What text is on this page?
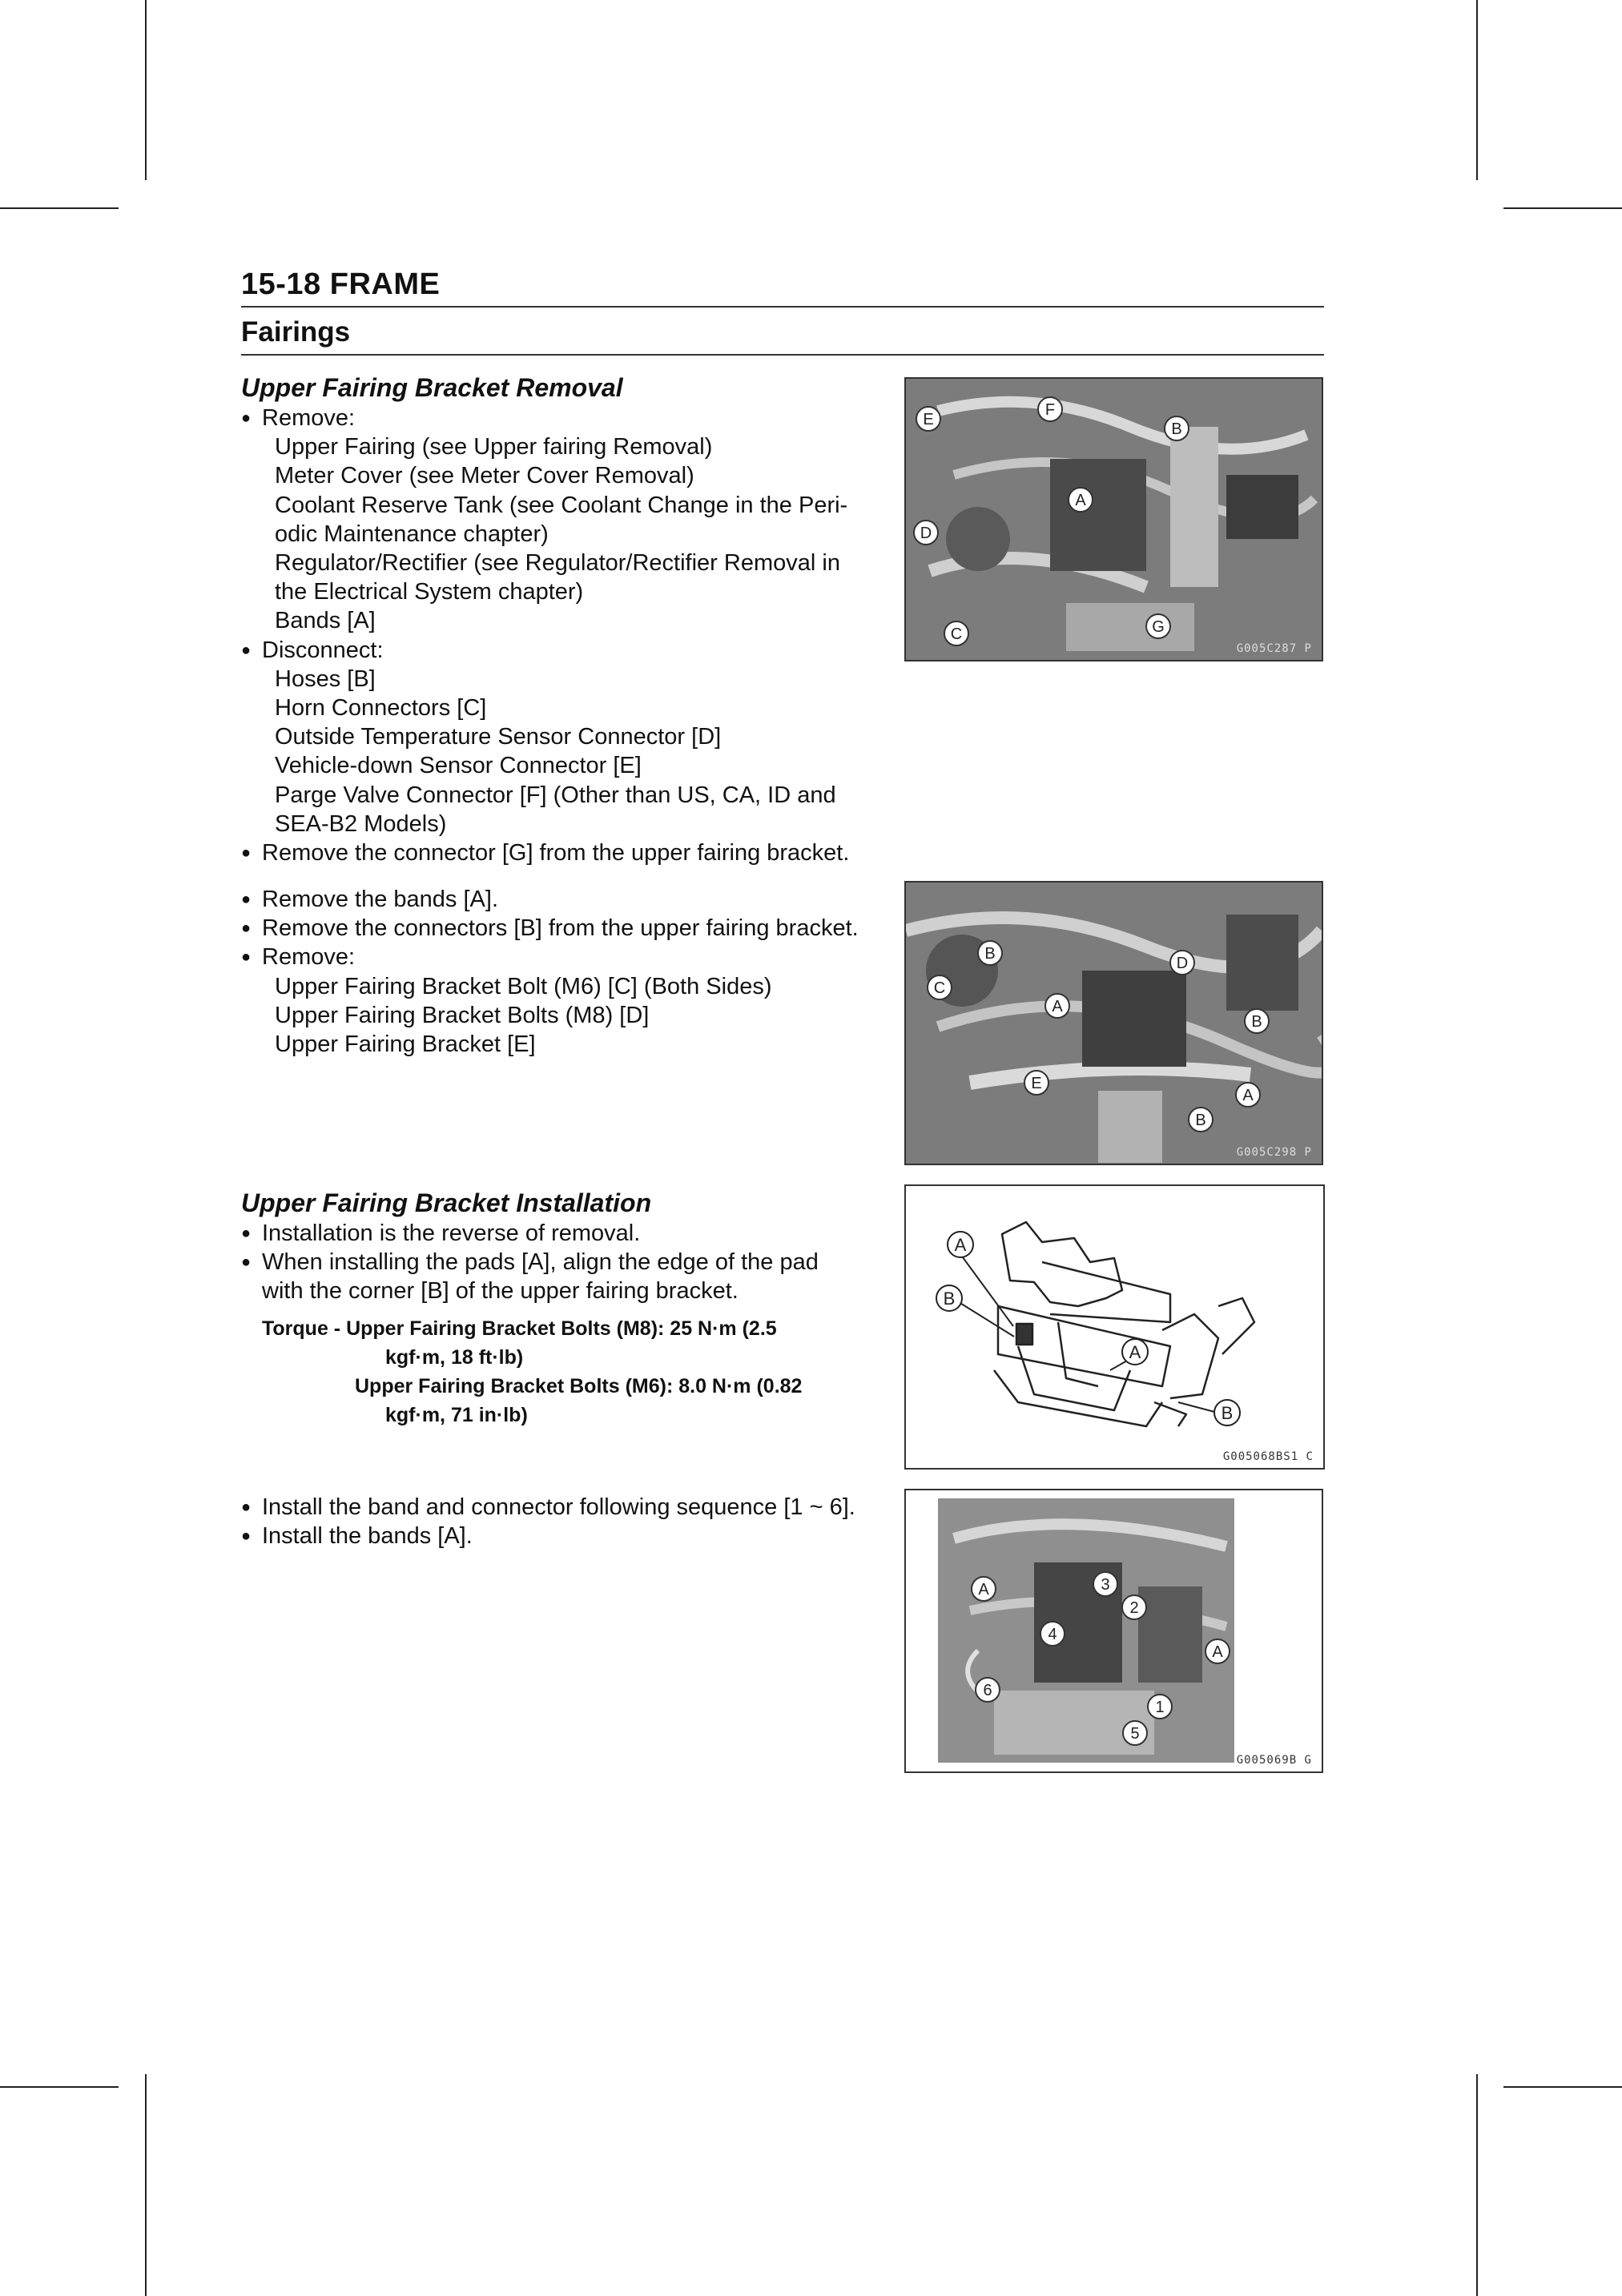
15-18 FRAME
Fairings
Upper Fairing Bracket Removal
● Remove:
Upper Fairing (see Upper fairing Removal)
Meter Cover (see Meter Cover Removal)
Coolant Reserve Tank (see Coolant Change in the Peri-
odic Maintenance chapter)
Regulator/Rectifier (see Regulator/Rectifier Removal in
the Electrical System chapter)
Bands [A]
● Disconnect:
Hoses [B]
Horn Connectors [C]
Outside Temperature Sensor Connector [D]
Vehicle-down Sensor Connector [E]
Parge Valve Connector [F] (Other than US, CA, ID and
SEA-B2 Models)
● Remove the connector [G] from the upper fairing bracket.
● Remove the bands [A].
● Remove the connectors [B] from the upper fairing bracket.
● Remove:
Upper Fairing Bracket Bolt (M6) [C] (Both Sides)
Upper Fairing Bracket Bolts (M8) [D]
Upper Fairing Bracket [E]
Upper Fairing Bracket Installation
● Installation is the reverse of removal.
● When installing the pads [A], align the edge of the pad
with the corner [B] of the upper fairing bracket.
Torque - Upper Fairing Bracket Bolts (M8): 25 N·m (2.5
kgf·m, 18 ft·lb)
Upper Fairing Bracket Bolts (M6): 8.0 N·m (0.82
kgf·m, 71 in·lb)
● Install the band and connector following sequence [1 ~ 6].
● Install the bands [A].
E
F
B
A
D
C	G
G005C287 P
B
D
C
A
B
E
A
B
G005C298 P
A
B
A
B
G005068BS1 C
A	3
2
4
A
6
1
5
G005069B G
